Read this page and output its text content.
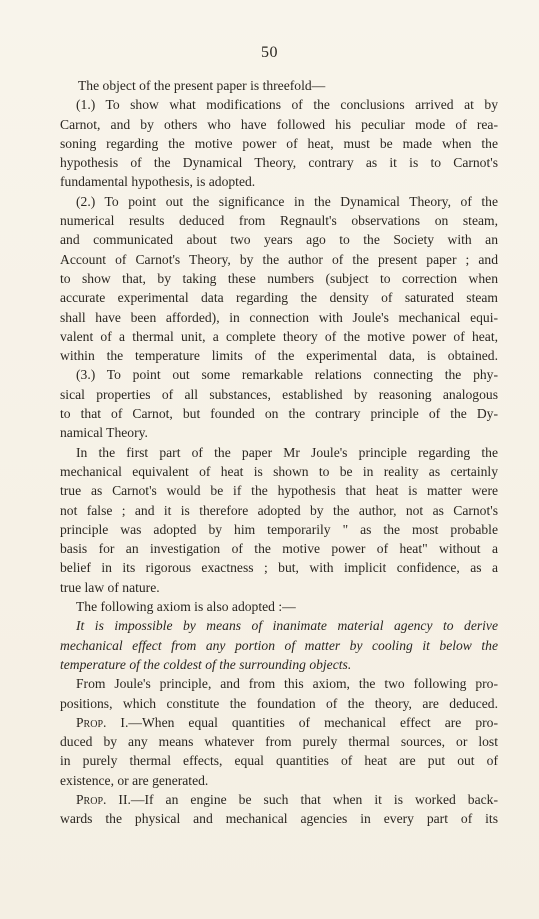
50

The object of the present paper is threefold—

(1.) To show what modifications of the conclusions arrived at by
Carnot, and by others who have followed his peculiar mode of rea-
soning regarding the motive power of heat, must be made when the
hypothesis of the Dynamical Theory, contrary as it is to Carnot's
fundamental hypothesis, is adopted.

(2.) To point out the significance in the Dynamical Theory, of the
numerical results deduced from Regnault's observations on steam,
and communicated about two years ago to the Society with an
Account of Carnot's Theory, by the author of the present paper ; and
to show that, by taking these numbers (subject to correction when
accurate experimental data regarding the density of saturated steam
shall have been afforded), in connection with Joule's mechanical equi-
valent of a thermal unit, a complete theory of the motive power of heat,
within the temperature limits of the experimental data, is obtained.

(3.) To point out some remarkable relations connecting the phy-
sical properties of all substances, established by reasoning analogous
to that of Carnot, but founded on the contrary principle of the Dy-
namical Theory.

In the first part of the paper Mr Joule's principle regarding the
mechanical equivalent of heat is shown to be in reality as certainly
true as Carnot's would be if the hypothesis that heat is matter were
not false ; and it is therefore adopted by the author, not as Carnot's
principle was adopted by him temporarily " as the most probable
basis for an investigation of the motive power of heat" without a
belief in its rigorous exactness ; but, with implicit confidence, as a
true law of nature.

The following axiom is also adopted :—

It is impossible by means of inanimate material agency to derive
mechanical effect from any portion of matter by cooling it below the
temperature of the coldest of the surrounding objects.

From Joule's principle, and from this axiom, the two following pro-
positions, which constitute the foundation of the theory, are deduced.

Prop. I.—When equal quantities of mechanical effect are pro-
duced by any means whatever from purely thermal sources, or lost
in purely thermal effects, equal quantities of heat are put out of
existence, or are generated.

Prop. II.—If an engine be such that when it is worked back-
wards the physical and mechanical agencies in every part of its
